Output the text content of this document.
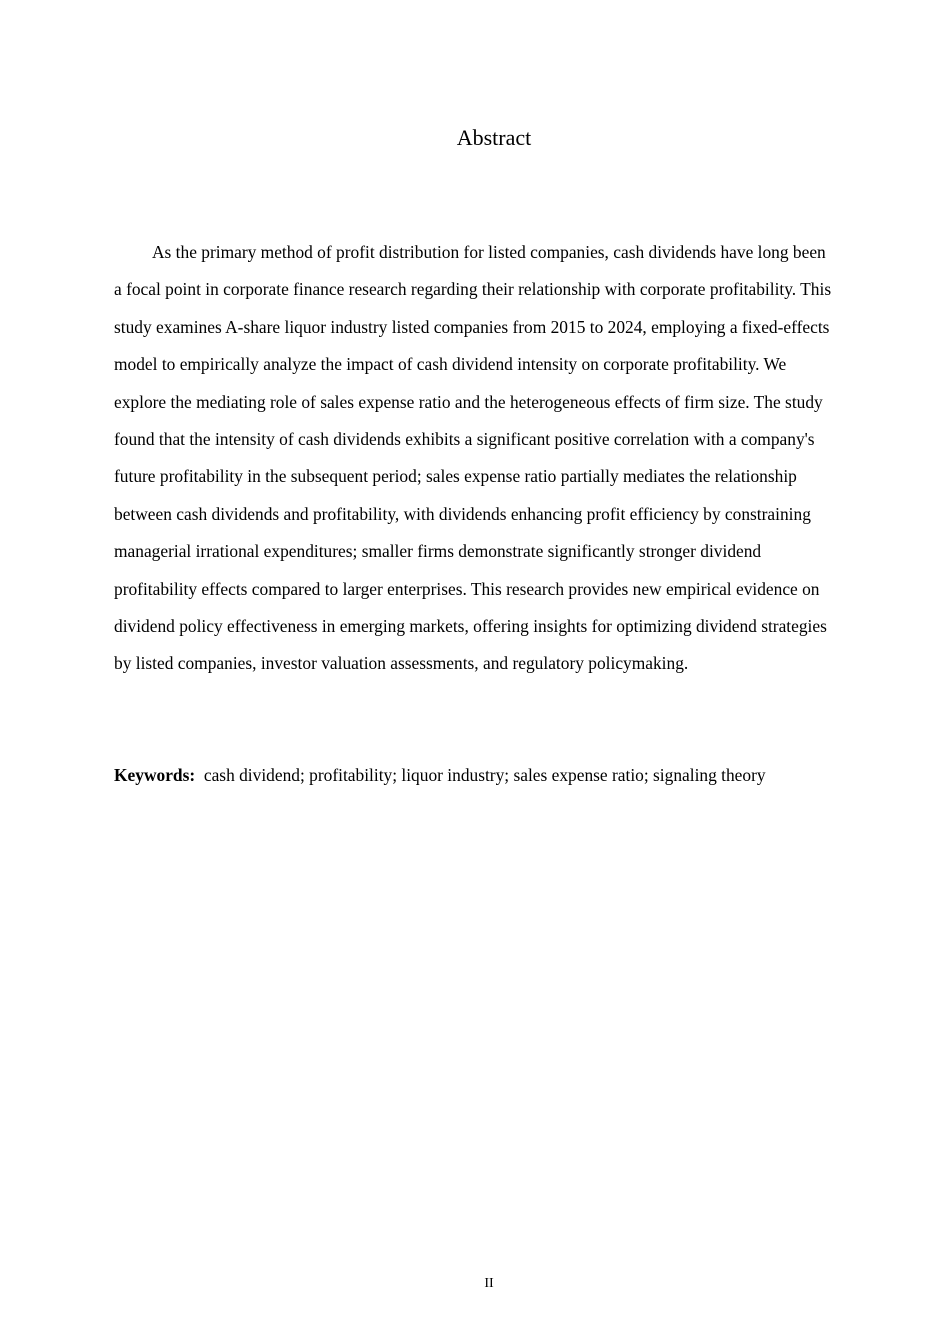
Abstract

As the primary method of profit distribution for listed companies, cash dividends have long been a focal point in corporate finance research regarding their relationship with corporate profitability. This study examines A-share liquor industry listed companies from 2015 to 2024, employing a fixed-effects model to empirically analyze the impact of cash dividend intensity on corporate profitability. We explore the mediating role of sales expense ratio and the heterogeneous effects of firm size. The study found that the intensity of cash dividends exhibits a significant positive correlation with a company's future profitability in the subsequent period; sales expense ratio partially mediates the relationship between cash dividends and profitability, with dividends enhancing profit efficiency by constraining managerial irrational expenditures; smaller firms demonstrate significantly stronger dividend profitability effects compared to larger enterprises. This research provides new empirical evidence on dividend policy effectiveness in emerging markets, offering insights for optimizing dividend strategies by listed companies, investor valuation assessments, and regulatory policymaking.

Keywords: cash dividend; profitability; liquor industry; sales expense ratio; signaling theory

II
